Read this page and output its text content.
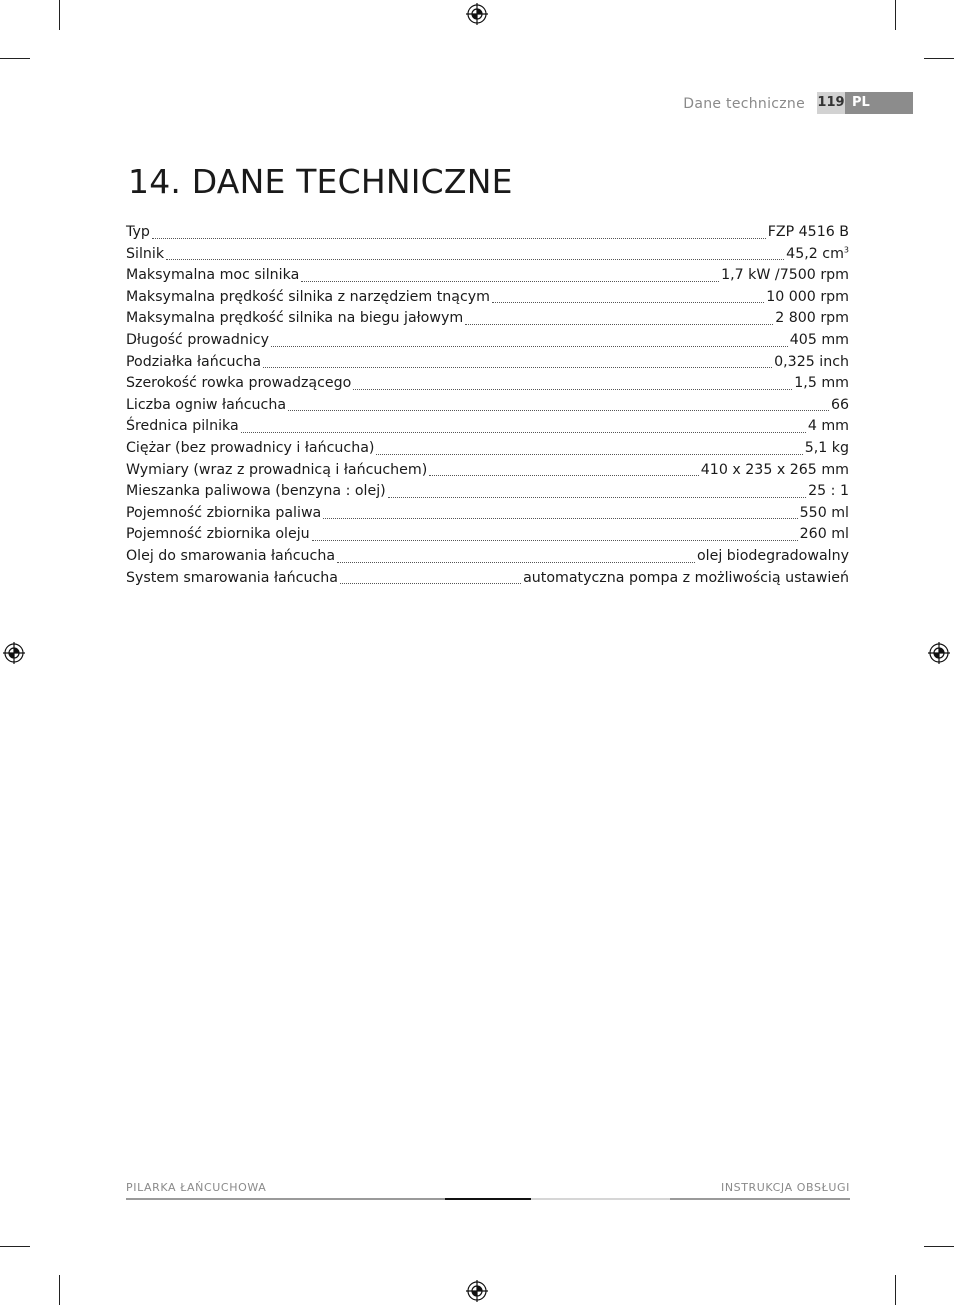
Dane techniczne 119 PL
14. DANE TECHNICZNE
Typ	FZP 4516 B
Silnik	45,2 $cm^3$
Maksymalna moc silnika	1,7 kW /7500 rpm
Maksymalna prędkość silnika z narzędziem tnącym	10 000 rpm
Maksymalna prędkość silnika na biegu jałowym	2 800 rpm
Długość prowadnicy	405 mm
Podziałka łańcucha	0,325 inch
Szerokość rowka prowadzącego	1,5 mm
Liczba ogniw łańcucha	66
Średnica pilnika	4 mm
Ciężar (bez prowadnicy i łańcucha)	5,1 kg
Wymiary (wraz z prowadnicą i łańcuchem)	410 x 235 x 265 mm
Mieszanka paliwowa (benzyna : olej)	25 : 1
Pojemność zbiornika paliwa	550 ml
Pojemność zbiornika oleju	260 ml
Olej do smarowania łańcucha	olej biodegradowalny
System smarowania łańcucha	automatyczna pompa z możliwością ustawień
PILARKA ŁAŃCUCHOWA	INSTRUKCJA OBSŁUGI
